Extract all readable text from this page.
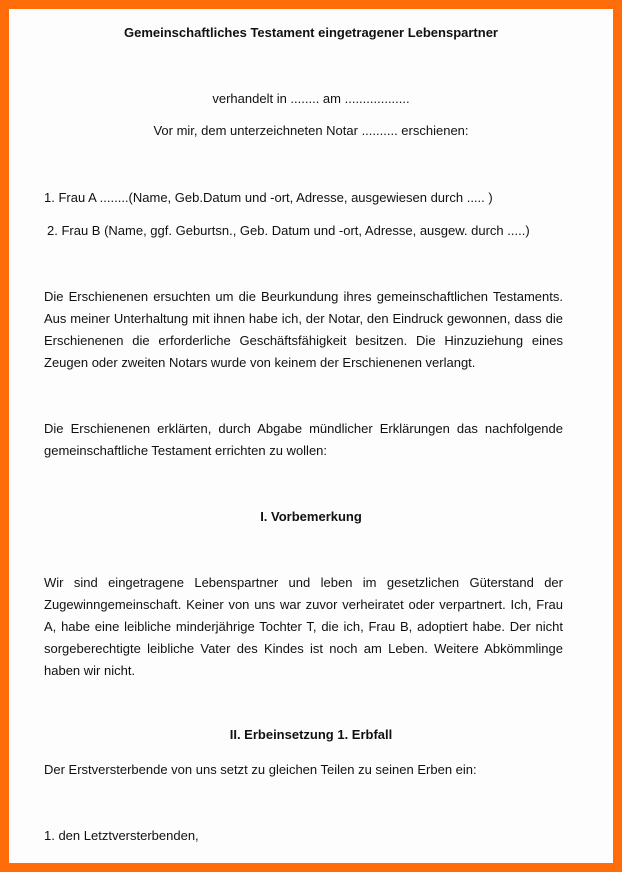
Gemeinschaftliches Testament eingetragener Lebenspartner

verhandelt in ........ am ..................

Vor mir, dem unterzeichneten Notar .......... erschienen:

1. Frau A ........(Name, Geb.Datum und -ort, Adresse, ausgewiesen durch ..... )

2. Frau B (Name, ggf. Geburtsn., Geb. Datum und -ort, Adresse, ausgew. durch .....)

Die Erschienenen ersuchten um die Beurkundung ihres gemeinschaftlichen Testaments. Aus meiner Unterhaltung mit ihnen habe ich, der Notar, den Eindruck gewonnen, dass die Erschienenen die erforderliche Geschäftsfähigkeit besitzen. Die Hinzuziehung eines Zeugen oder zweiten Notars wurde von keinem der Erschienenen verlangt.

Die Erschienenen erklärten, durch Abgabe mündlicher Erklärungen das nachfolgende gemeinschaftliche Testament errichten zu wollen:

I. Vorbemerkung

Wir sind eingetragene Lebenspartner und leben im gesetzlichen Güterstand der Zugewinngemeinschaft. Keiner von uns war zuvor verheiratet oder verpartnert. Ich, Frau A, habe eine leibliche minderjährige Tochter T, die ich, Frau B, adoptiert habe. Der nicht sorgeberechtigte leibliche Vater des Kindes ist noch am Leben. Weitere Abkömmlinge haben wir nicht.

II. Erbeinsetzung 1. Erbfall

Der Erstversterbende von uns setzt zu gleichen Teilen zu seinen Erben ein:

1. den Letztversterbenden,
